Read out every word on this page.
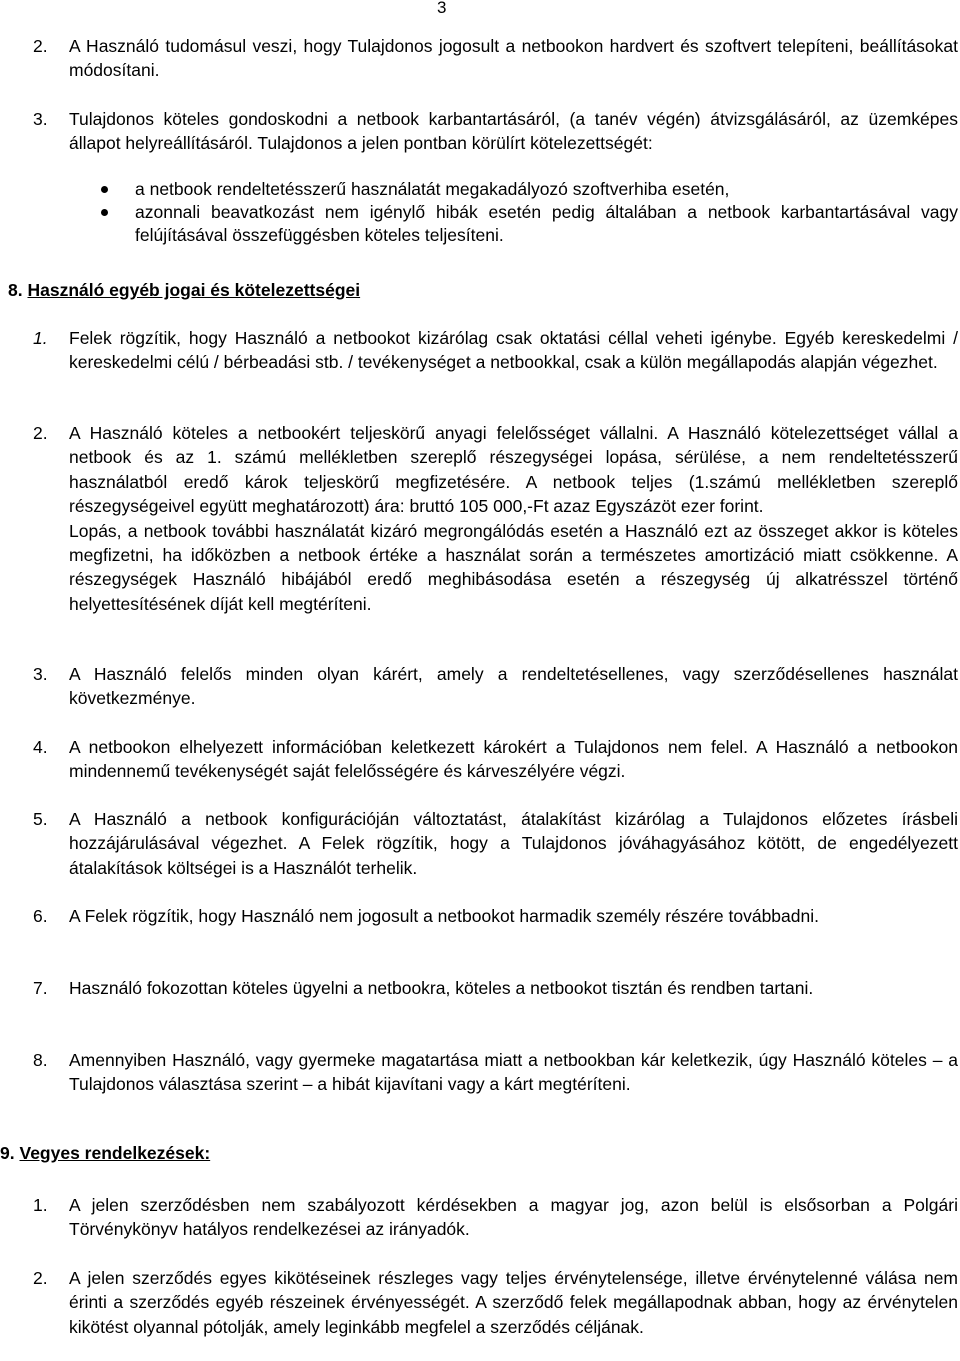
3
2. A Használó tudomásul veszi, hogy Tulajdonos jogosult a netbookon hardvert és szoftvert telepíteni, beállításokat módosítani.
3. Tulajdonos köteles gondoskodni a netbook karbantartásáról, (a tanév végén) átvizsgálásáról, az üzemképes állapot helyreállításáról. Tulajdonos a jelen pontban körülírt kötelezettségét:
a netbook rendeltetésszerű használatát megakadályozó szoftverhiba esetén,
azonnali beavatkozást nem igénylő hibák esetén pedig általában a netbook karbantartásával vagy felújításával összefüggésben köteles teljesíteni.
8. Használó egyéb jogai és kötelezettségei
1. Felek rögzítik, hogy Használó a netbookot kizárólag csak oktatási céllal veheti igénybe. Egyéb kereskedelmi / kereskedelmi célú / bérbeadási stb. / tevékenységet a netbookkal, csak a külön megállapodás alapján végezhet.
2. A Használó köteles a netbookért teljeskörű anyagi felelősséget vállalni. A Használó kötelezettséget vállal a netbook és az 1. számú mellékletben szereplő részegységei lopása, sérülése, a nem rendeltetésszerű használatból eredő károk teljeskörű megfizetésére. A netbook teljes (1.számú mellékletben szereplő részegységeivel együtt meghatározott) ára: bruttó 105 000,-Ft azaz Egyszázöt ezer forint.
Lopás, a netbook további használatát kizáró megrongálódás esetén a Használó ezt az összeget akkor is köteles megfizetni, ha időközben a netbook értéke a használat során a természetes amortizáció miatt csökkenne. A részegységek Használó hibájából eredő meghibásodása esetén a részegység új alkatrésszel történő helyettesítésének díját kell megtéríteni.
3. A Használó felelős minden olyan kárért, amely a rendeltetésellenes, vagy szerződésellenes használat következménye.
4. A netbookon elhelyezett információban keletkezett károkért a Tulajdonos nem felel. A Használó a netbookon mindennemű tevékenységét saját felelősségére és kárveszélyére végzi.
5. A Használó a netbook konfigurációján változtatást, átalakítást kizárólag a Tulajdonos előzetes írásbeli hozzájárulásával végezhet. A Felek rögzítik, hogy a Tulajdonos jóváhagyásához kötött, de engedélyezett átalakítások költségei is a Használót terhelik.
6. A Felek rögzítik, hogy Használó nem jogosult a netbookot harmadik személy részére továbbadni.
7. Használó fokozottan köteles ügyelni a netbookra, köteles a netbookot tisztán és rendben tartani.
8. Amennyiben Használó, vagy gyermeke magatartása miatt a netbookban kár keletkezik, úgy Használó köteles – a Tulajdonos választása szerint – a hibát kijavítani vagy a kárt megtéríteni.
9. Vegyes rendelkezések:
1. A jelen szerződésben nem szabályozott kérdésekben a magyar jog, azon belül is elsősorban a Polgári Törvénykönyv hatályos rendelkezései az irányadók.
2. A jelen szerződés egyes kikötéseinek részleges vagy teljes érvénytelensége, illetve érvénytelenné válása nem érinti a szerződés egyéb részeinek érvényességét. A szerződő felek megállapodnak abban, hogy az érvénytelen kikötést olyannal pótolják, amely leginkább megfelel a szerződés céljának.
